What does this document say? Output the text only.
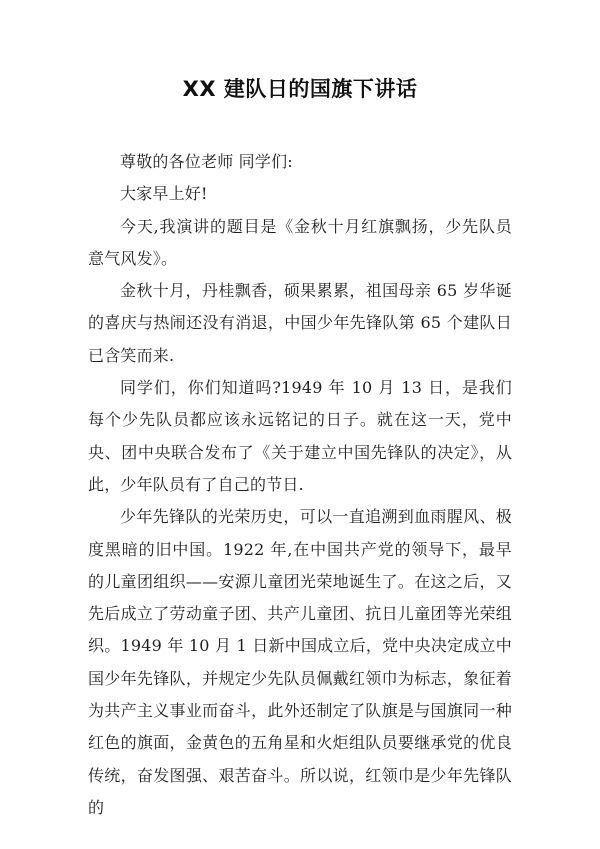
XX 建队日的国旗下讲话

尊敬的各位老师 同学们:

大家早上好!

今天,我演讲的题目是《金秋十月红旗飘扬，少先队员意气风发》。

金秋十月，丹桂飘香，硕果累累，祖国母亲 65 岁华诞的喜庆与热闹还没有消退，中国少年先锋队第 65 个建队日已含笑而来.

同学们，你们知道吗?1949 年 10 月 13 日，是我们每个少先队员都应该永远铭记的日子。就在这一天，党中央、团中央联合发布了《关于建立中国先锋队的决定》，从此，少年队员有了自己的节日.

少年先锋队的光荣历史，可以一直追溯到血雨腥风、极度黑暗的旧中国。1922 年,在中国共产党的领导下，最早的儿童团组织——安源儿童团光荣地诞生了。在这之后，又先后成立了劳动童子团、共产儿童团、抗日儿童团等光荣组织。1949 年 10 月 1 日新中国成立后，党中央决定成立中国少年先锋队，并规定少先队员佩戴红领巾为标志，象征着为共产主义事业而奋斗，此外还制定了队旗是与国旗同一种红色的旗面，金黄色的五角星和火炬组队员要继承党的优良传统，奋发图强、艰苦奋斗。所以说，红领巾是少年先锋队的
